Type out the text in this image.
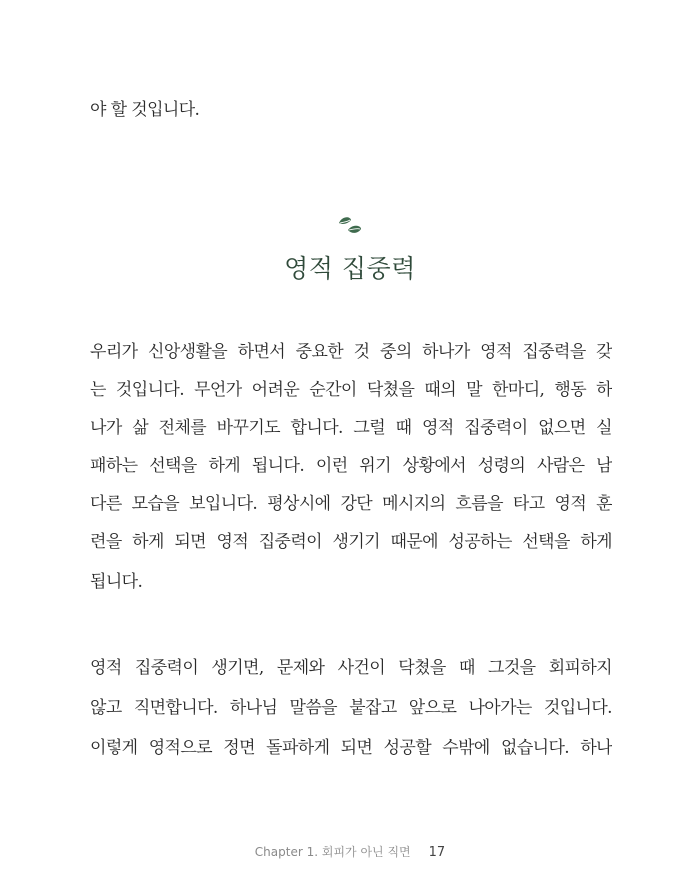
야 할 것입니다.
영적 집중력
우리가 신앙생활을 하면서 중요한 것 중의 하나가 영적 집중력을 갖
는 것입니다. 무언가 어려운 순간이 닥쳤을 때의 말 한마디, 행동 하
나가 삶 전체를 바꾸기도 합니다. 그럴 때 영적 집중력이 없으면 실
패하는 선택을 하게 됩니다. 이런 위기 상황에서 성령의 사람은 남
다른 모습을 보입니다. 평상시에 강단 메시지의 흐름을 타고 영적 훈
련을 하게 되면 영적 집중력이 생기기 때문에 성공하는 선택을 하게
됩니다.
영적 집중력이 생기면, 문제와 사건이 닥쳤을 때 그것을 회피하지
않고 직면합니다. 하나님 말씀을 붙잡고 앞으로 나아가는 것입니다.
이렇게 영적으로 정면 돌파하게 되면 성공할 수밖에 없습니다. 하나
Chapter 1. 회피가 아닌 직면 17
